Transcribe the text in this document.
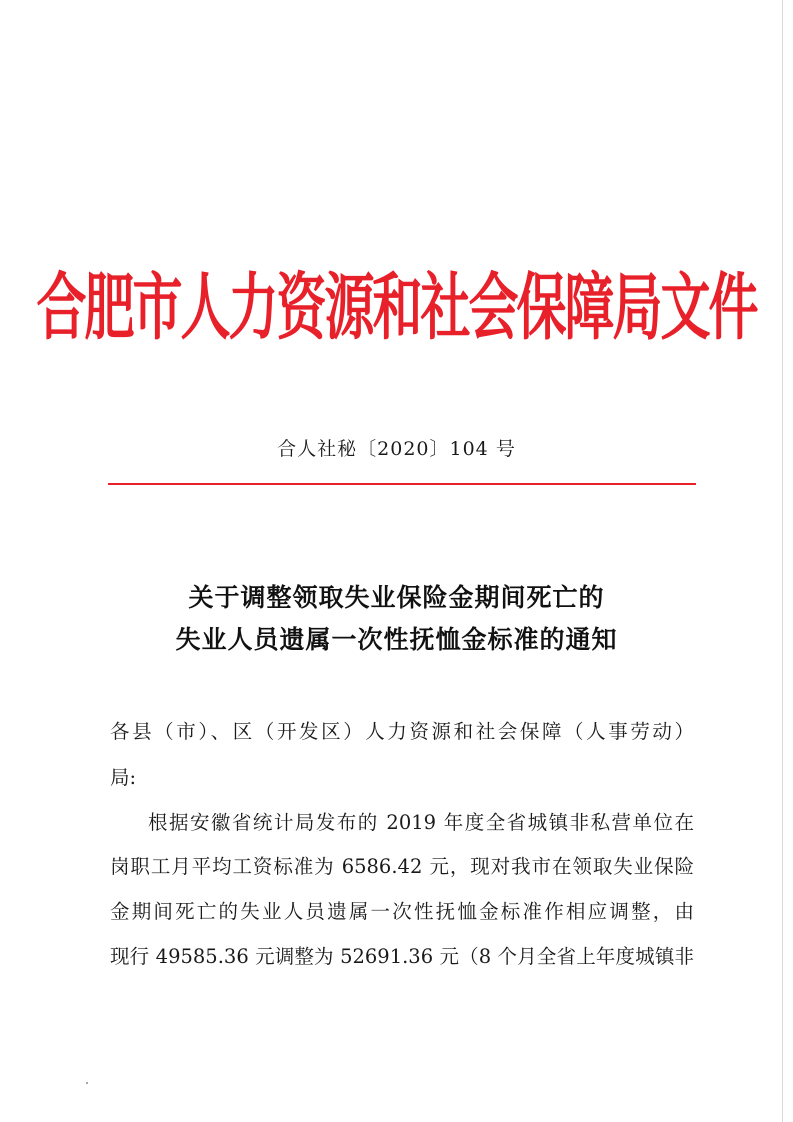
合肥市人力资源和社会保障局文件
合人社秘〔2020〕104 号
关于调整领取失业保险金期间死亡的
失业人员遗属一次性抚恤金标准的通知
各县（市）、区（开发区）人力资源和社会保障（人事劳动）
局:
根据安徽省统计局发布的 2019 年度全省城镇非私营单位在
岗职工月平均工资标准为 6586.42 元，现对我市在领取失业保险
金期间死亡的失业人员遗属一次性抚恤金标准作相应调整，由
现行 49585.36 元调整为 52691.36 元（8 个月全省上年度城镇非
